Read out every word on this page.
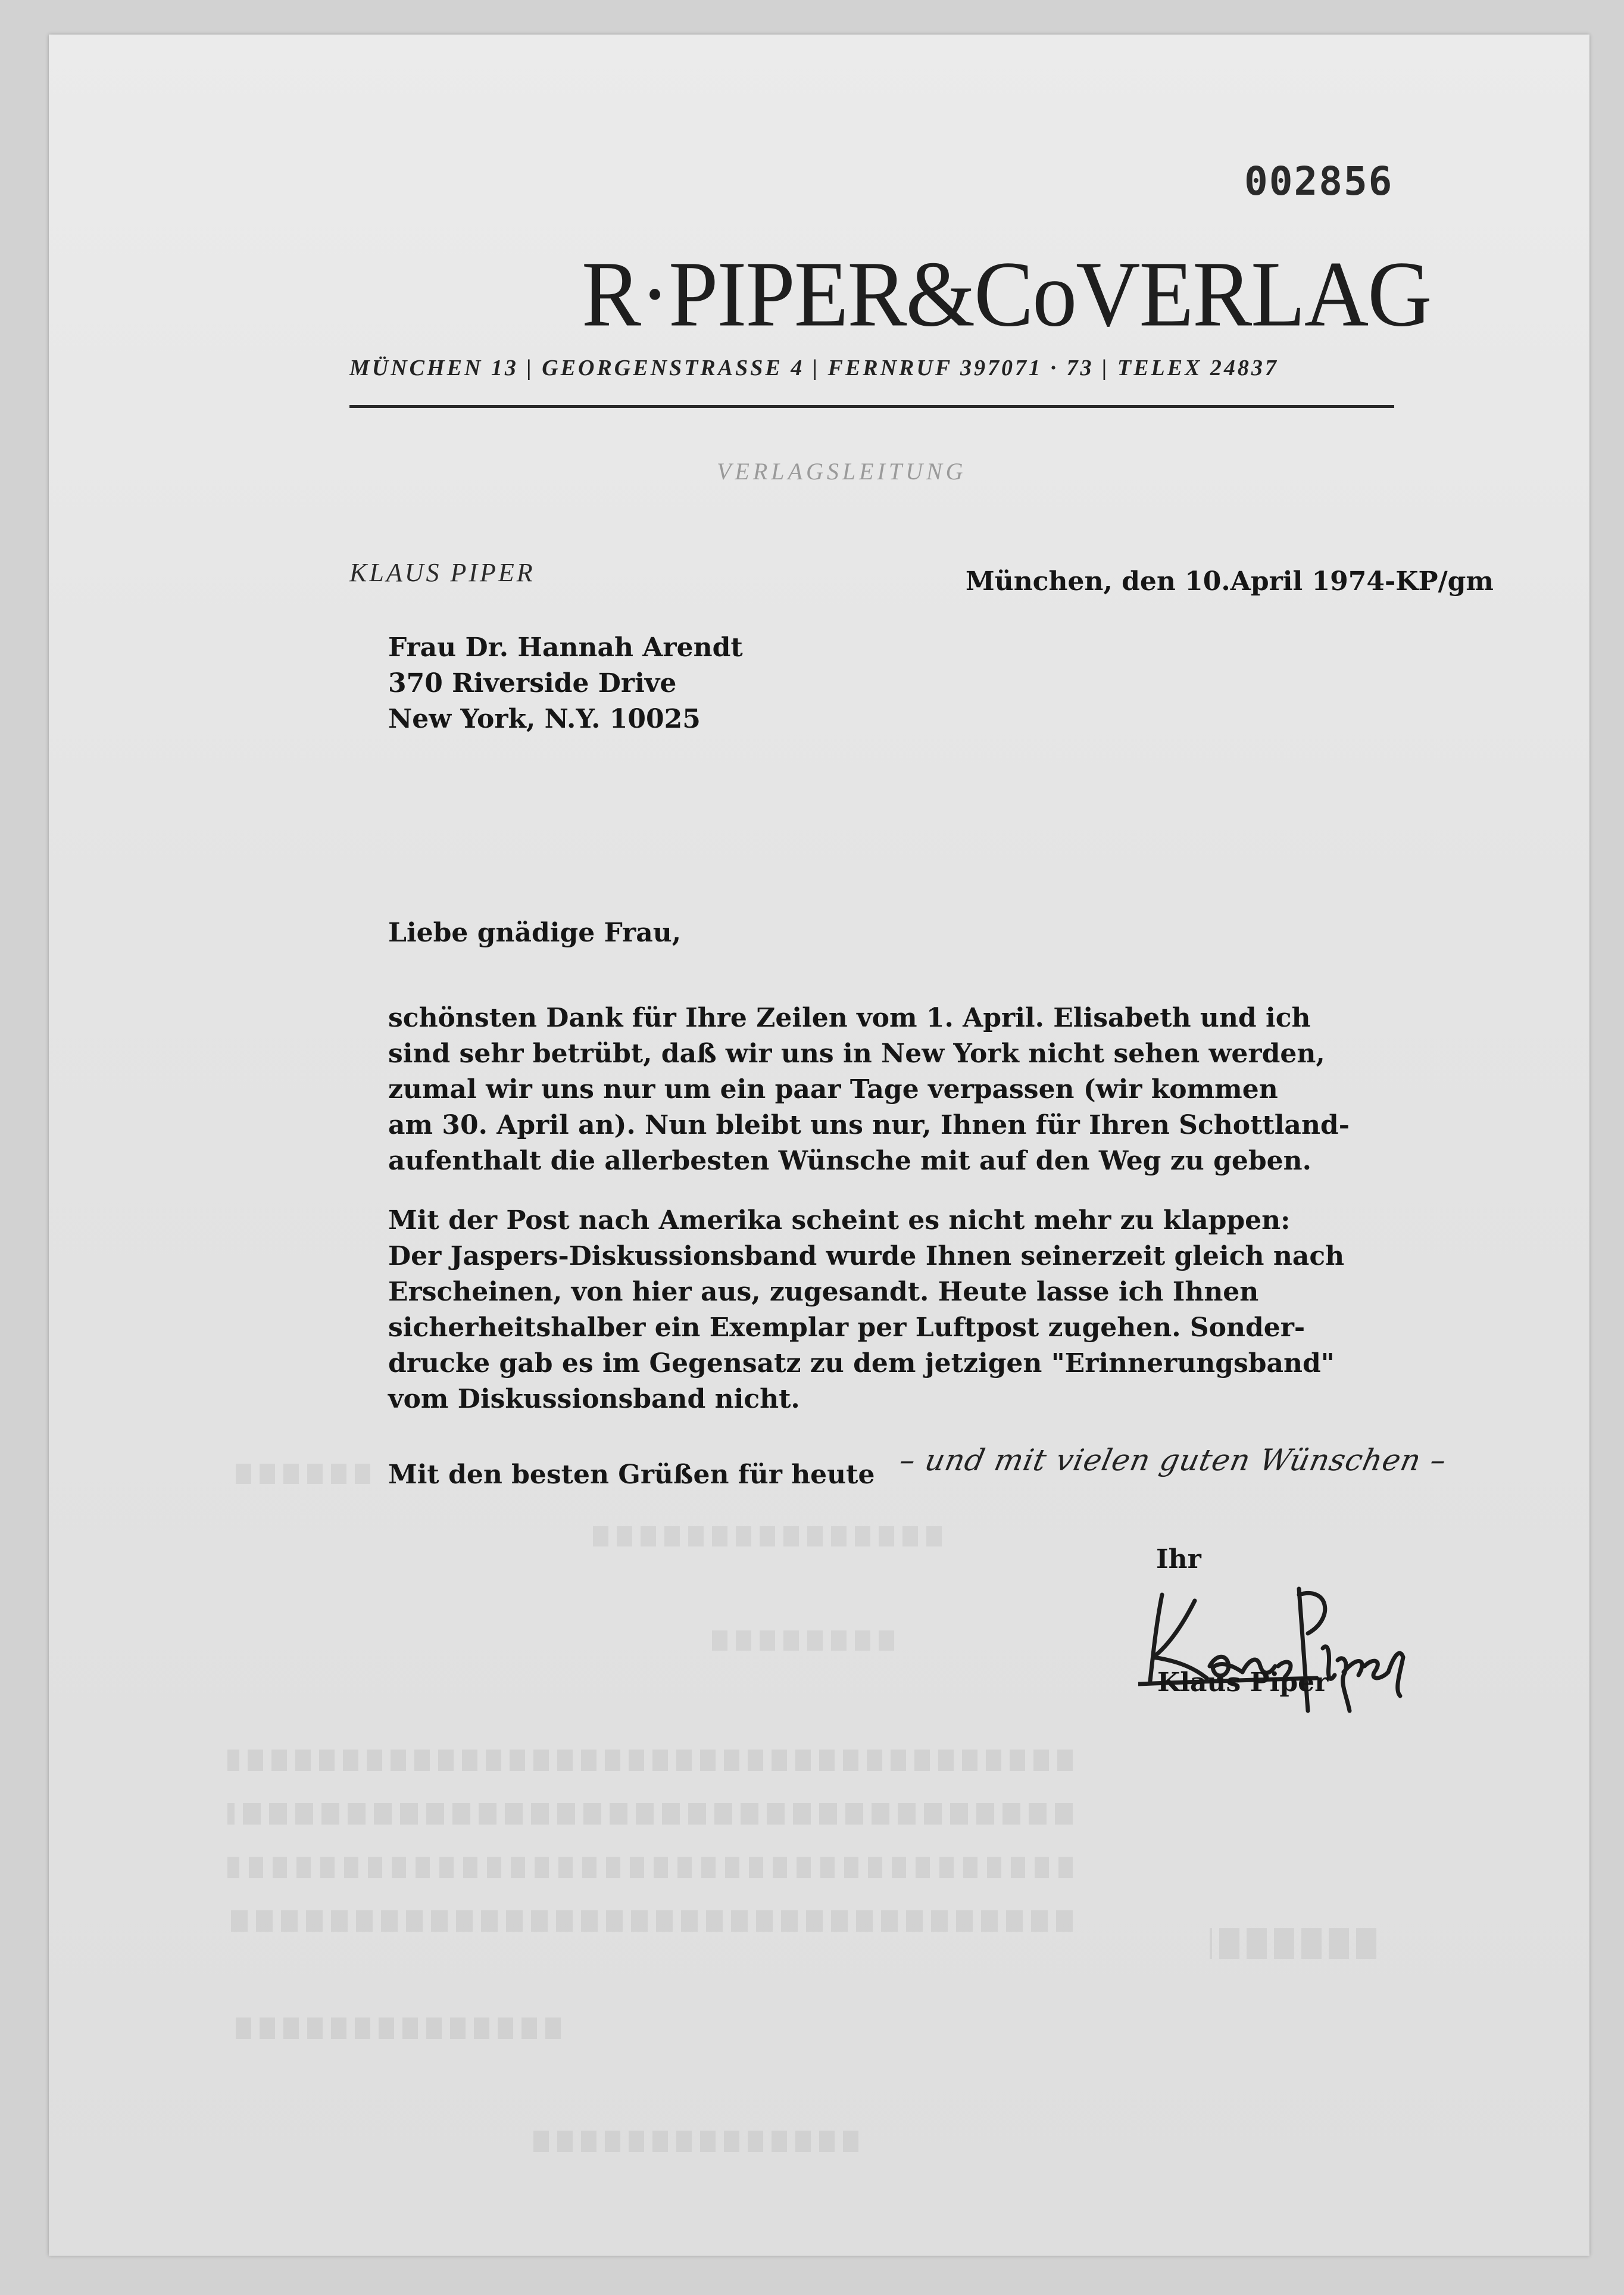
002856
R·PIPER&CoVERLAG
MÜNCHEN 13 | GEORGENSTRASSE 4 | FERNRUF 397071 · 73 | TELEX 24837
VERLAGSLEITUNG
KLAUS PIPER	München, den 10.April 1974-KP/gm
Frau Dr. Hannah Arendt
370 Riverside Drive
New York, N.Y. 10025
Liebe gnädige Frau,
schönsten Dank für Ihre Zeilen vom 1. April. Elisabeth und ich
sind sehr betrübt, daß wir uns in New York nicht sehen werden,
zumal wir uns nur um ein paar Tage verpassen (wir kommen
am 30. April an). Nun bleibt uns nur, Ihnen für Ihren Schottland-
aufenthalt die allerbesten Wünsche mit auf den Weg zu geben.
Mit der Post nach Amerika scheint es nicht mehr zu klappen:
Der Jaspers-Diskussionsband wurde Ihnen seinerzeit gleich nach
Erscheinen, von hier aus, zugesandt. Heute lasse ich Ihnen
sicherheitshalber ein Exemplar per Luftpost zugehen. Sonder-
drucke gab es im Gegensatz zu dem jetzigen "Erinnerungsband"
vom Diskussionsband nicht.
Mit den besten Grüßen für heute – und mit vielen guten Wünschen –
Ihr
Klaus Piper
